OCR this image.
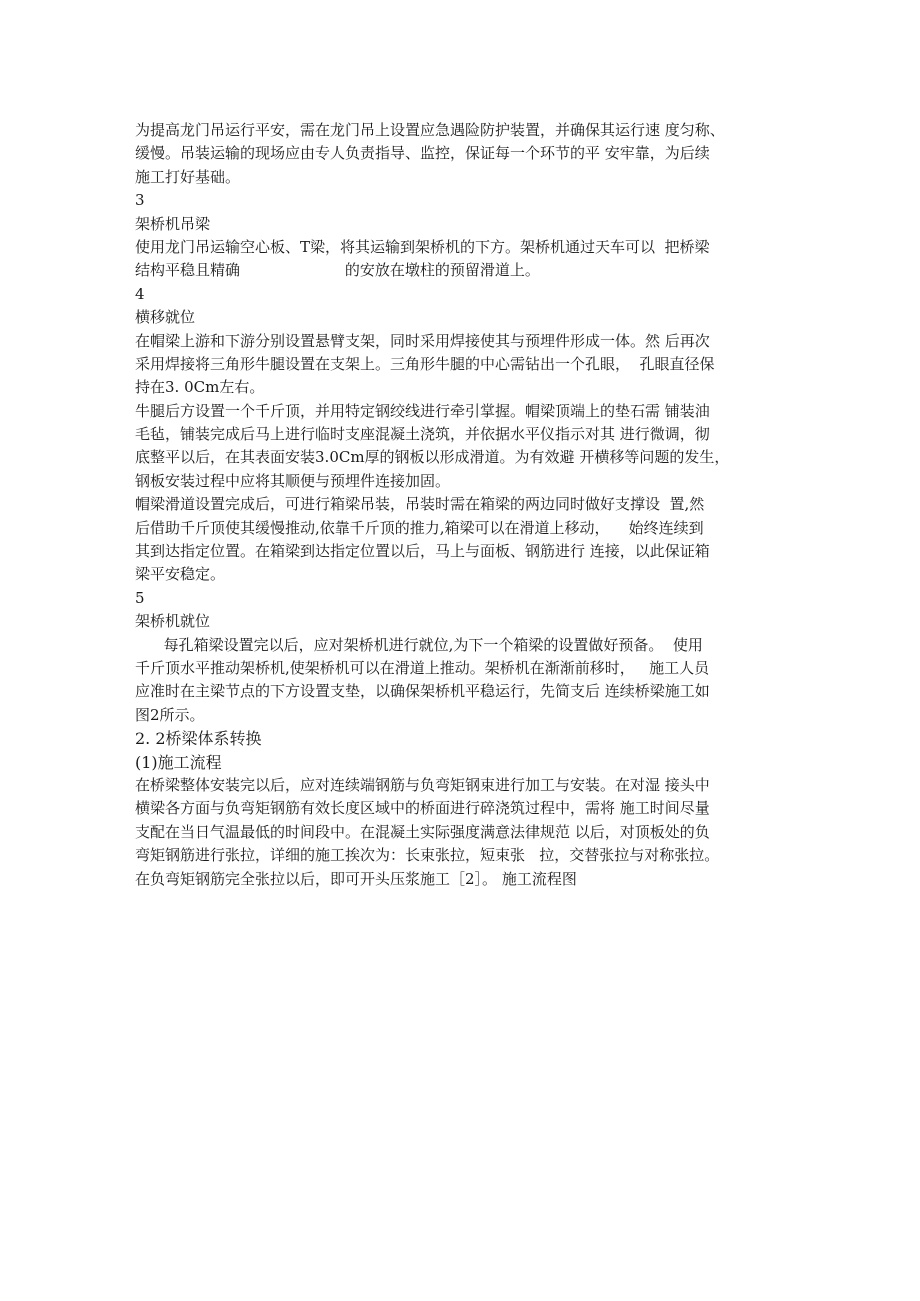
为提高龙门吊运行平安，需在龙门吊上设置应急遇险防护装置，并确保其运行速 度匀称、
缓慢。吊装运输的现场应由专人负责指导、监控，保证每一个环节的平 安牢靠，为后续
施工打好基础。
3
架桥机吊梁
使用龙门吊运输空心板、T梁，将其运输到架桥机的下方。架桥机通过天车可以  把桥梁
结构平稳且精确                      的安放在墩柱的预留滑道上。
4
横移就位
在帽梁上游和下游分别设置悬臂支架，同时采用焊接使其与预埋件形成一体。然 后再次
采用焊接将三角形牛腿设置在支架上。三角形牛腿的中心需钻出一个孔眼，  孔眼直径保
持在3. 0Cm左右。
牛腿后方设置一个千斤顶，并用特定钢绞线进行牵引掌握。帽梁顶端上的垫石需 铺装油
毛毡，铺装完成后马上进行临时支座混凝土浇筑，并依据水平仪指示对其 进行微调，彻
底整平以后，在其表面安装3.0Cm厚的钢板以形成滑道。为有效避 开横移等问题的发生，
钢板安装过程中应将其顺便与预埋件连接加固。
帽梁滑道设置完成后，可进行箱梁吊装，吊装时需在箱梁的两边同时做好支撑设  置,然
后借助千斤顶使其缓慢推动,依靠千斤顶的推力,箱梁可以在滑道上移动，    始终连续到
其到达指定位置。在箱梁到达指定位置以后，马上与面板、钢筋进行 连接，以此保证箱
梁平安稳定。
5
架桥机就位
每孔箱梁设置完以后，应对架桥机进行就位,为下一个箱梁的设置做好预备。  使用
千斤顶水平推动架桥机,使架桥机可以在滑道上推动。架桥机在渐渐前移时，   施工人员
应准时在主梁节点的下方设置支垫，以确保架桥机平稳运行，先简支后 连续桥梁施工如
图2所示。
2. 2桥梁体系转换
(1)施工流程
在桥梁整体安装完以后，应对连续端钢筋与负弯矩钢束进行加工与安装。在对湿 接头中
横梁各方面与负弯矩钢筋有效长度区域中的桥面进行碎浇筑过程中，需将 施工时间尽量
支配在当日气温最低的时间段中。在混凝土实际强度满意法律规范 以后，对顶板处的负
弯矩钢筋进行张拉，详细的施工挨次为：长束张拉，短束张   拉，交替张拉与对称张拉。
在负弯矩钢筋完全张拉以后，即可开头压浆施工［2］。 施工流程图
